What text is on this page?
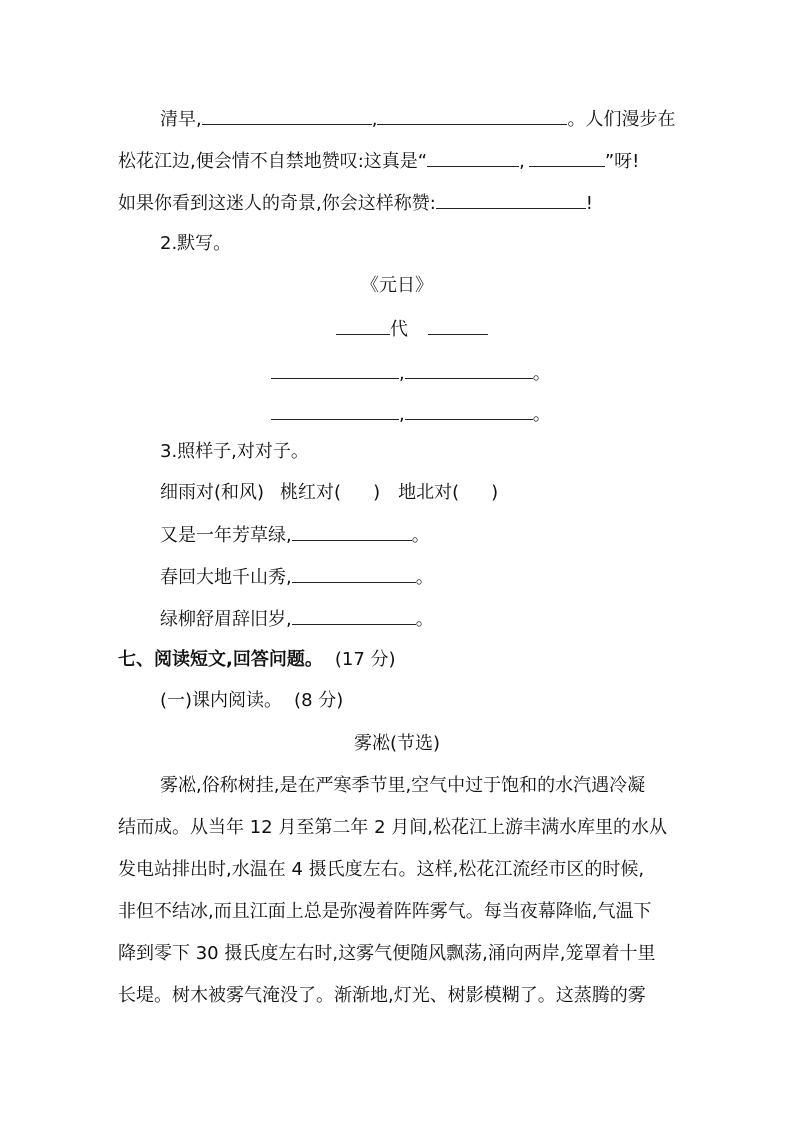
清早,	,	。人们漫步在
松花江边,便会情不自禁地赞叹:这真是“	,	”呀!
如果你看到这迷人的奇景,你会这样称赞:	!
2.默写。
《元日》
代
,	。
,	。
3.照样子,对对子。
细雨对(和风) 桃红对( ) 地北对( )
又是一年芳草绿,	。
春回大地千山秀,	。
绿柳舒眉辞旧岁,	。
七、阅读短文,回答问题。 (17 分)
(一)课内阅读。 (8 分)
雾凇(节选)
雾凇,俗称树挂,是在严寒季节里,空气中过于饱和的水汽遇冷凝
结而成。从当年 12 月至第二年 2 月间,松花江上游丰满水库里的水从
发电站排出时,水温在 4 摄氏度左右。这样,松花江流经市区的时候,
非但不结冰,而且江面上总是弥漫着阵阵雾气。每当夜幕降临,气温下
降到零下 30 摄氏度左右时,这雾气便随风飘荡,涌向两岸,笼罩着十里
长堤。树木被雾气淹没了。渐渐地,灯光、树影模糊了。这蒸腾的雾
